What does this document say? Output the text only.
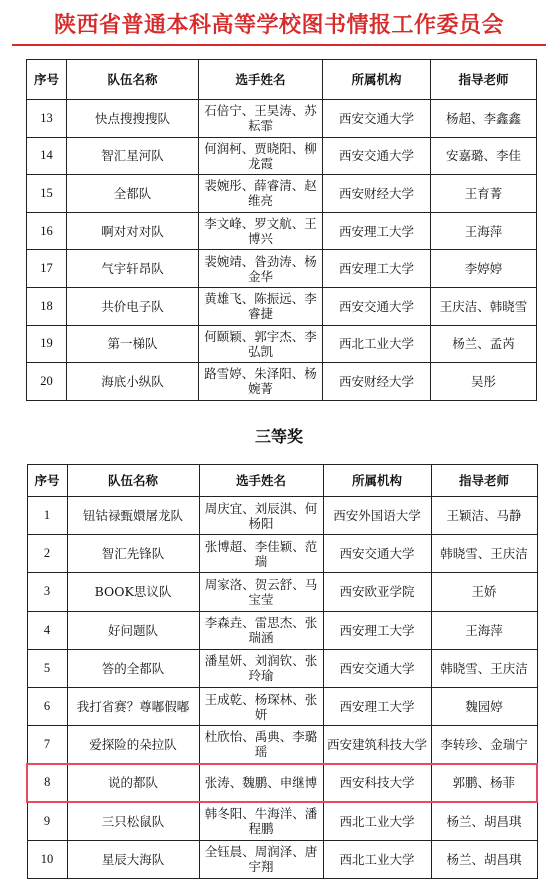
陕西省普通本科高等学校图书情报工作委员会
序号	队伍名称	选手姓名	所属机构	指导老师
13	快点搜搜搜队	石倍宁、王昊涛、苏耘霏	西安交通大学	杨超、李鑫鑫
14	智汇星河队	何润柯、贾晓阳、柳龙霞	西安交通大学	安嘉璐、李佳
15	全都队	裴婉彤、薛睿清、赵维亮	西安财经大学	王育菁
16	啊对对对队	李文峰、罗文航、王博兴	西安理工大学	王海萍
17	气宇轩昂队	裴婉靖、昝劲涛、杨金华	西安理工大学	李婷婷
18	共价电子队	黄雄飞、陈振远、李睿捷	西安交通大学	王庆洁、韩晓雪
19	第一梯队	何颐颖、郭宇杰、李弘凯	西北工业大学	杨兰、孟芮
20	海底小纵队	路雪婷、朱泽阳、杨婉菁	西安财经大学	吴彤
三等奖
序号	队伍名称	选手姓名	所属机构	指导老师
1	钮钴禄甄嬛屠龙队	周庆宜、刘辰淇、何杨阳	西安外国语大学	王颖洁、马静
2	智汇先锋队	张博超、李佳颖、范瑞	西安交通大学	韩晓雪、王庆洁
3	BOOK思议队	周家洛、贺云舒、马宝莹	西安欧亚学院	王娇
4	好问题队	李森垚、雷思杰、张瑞涵	西安理工大学	王海萍
5	答的全都队	潘星妍、刘润钦、张玲瑜	西安交通大学	韩晓雪、王庆洁
6	我打省赛？尊嘟假嘟	王成乾、杨琛林、张妍	西安理工大学	魏园婷
7	爱探险的朵拉队	杜欣怡、禹典、李璐瑶	西安建筑科技大学	李转珍、金瑞宁
8	说的都队	张涛、魏鹏、申继博	西安科技大学	郭鹏、杨菲
9	三只松鼠队	韩冬阳、牛海洋、潘程鹏	西北工业大学	杨兰、胡昌琪
10	星辰大海队	全钰晨、周润泽、唐宇翔	西北工业大学	杨兰、胡昌琪
